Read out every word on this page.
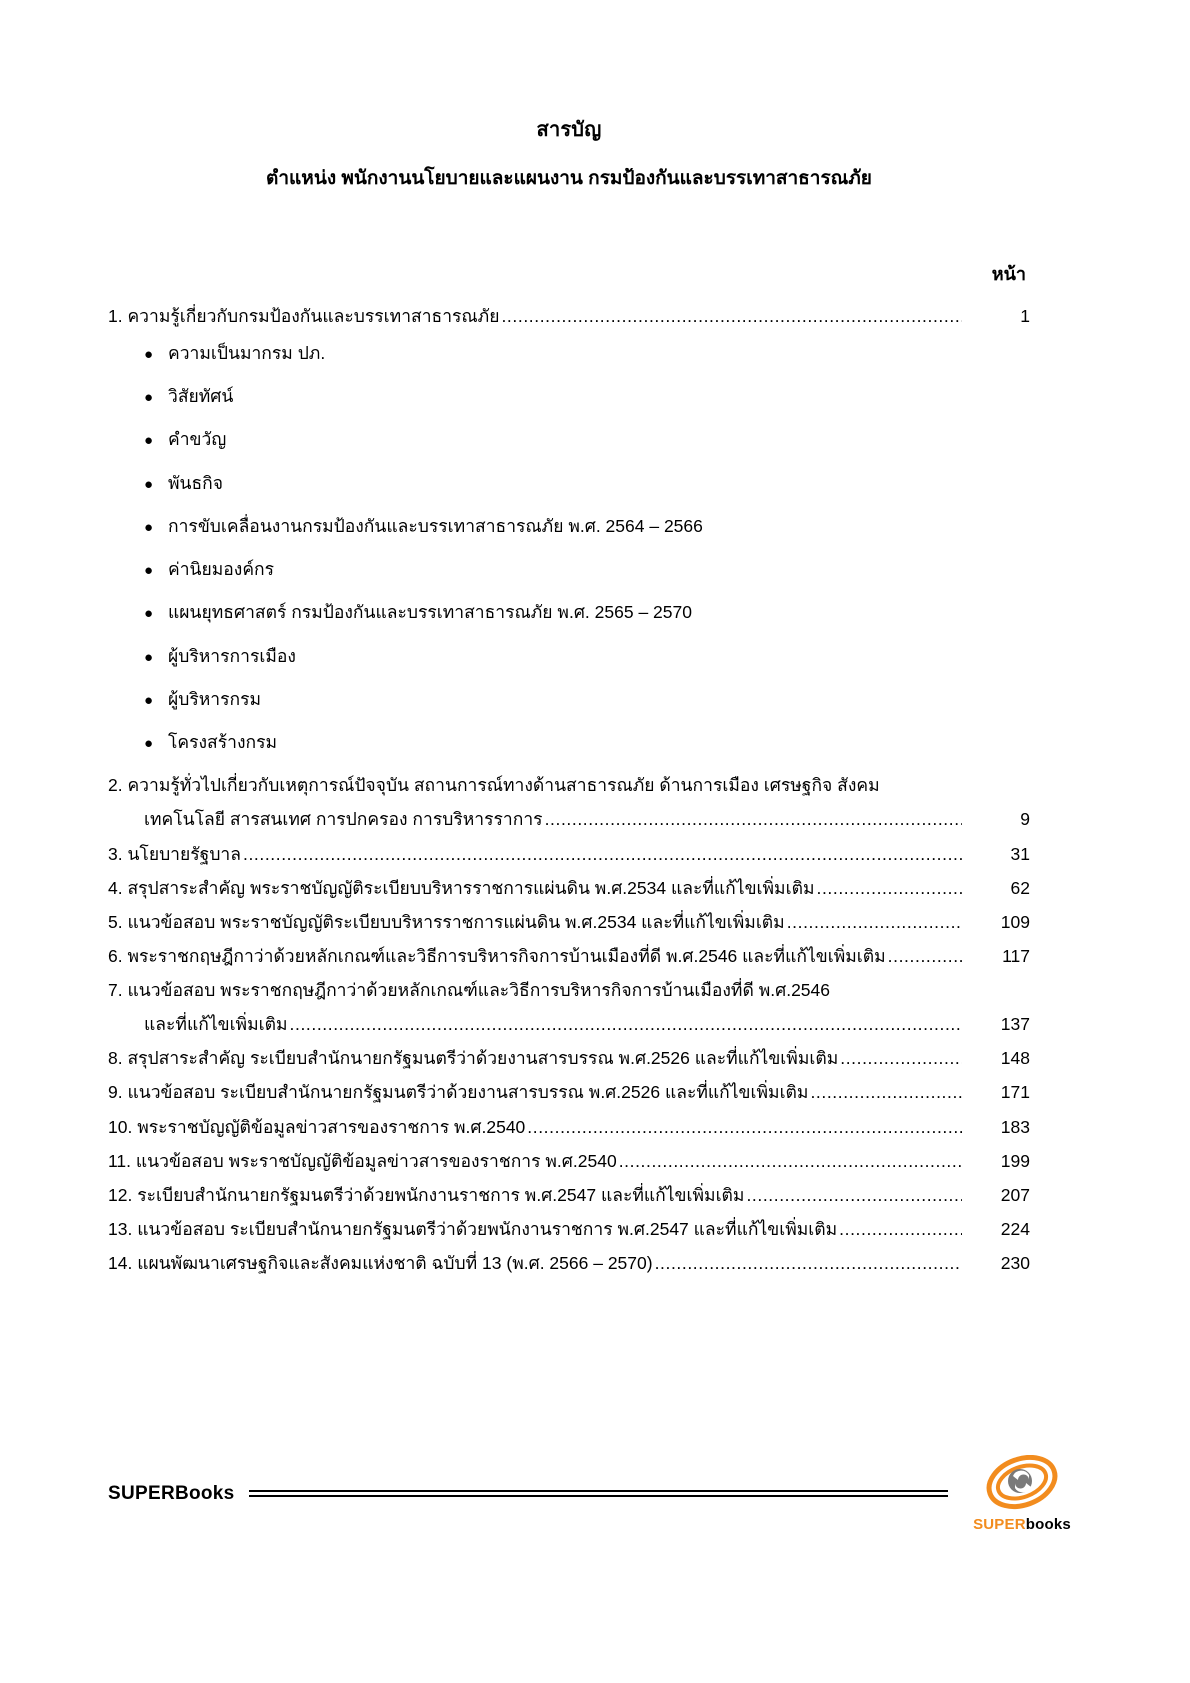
สารบัญ
ตำแหน่ง พนักงานนโยบายและแผนงาน กรมป้องกันและบรรเทาสาธารณภัย
หน้า
1. ความรู้เกี่ยวกับกรมป้องกันและบรรเทาสาธารณภัย .....	1
● ความเป็นมากรม ปภ.
● วิสัยทัศน์
● คำขวัญ
● พันธกิจ
● การขับเคลื่อนงานกรมป้องกันและบรรเทาสาธารณภัย พ.ศ. 2564 – 2566
● ค่านิยมองค์กร
● แผนยุทธศาสตร์ กรมป้องกันและบรรเทาสาธารณภัย พ.ศ. 2565 – 2570
● ผู้บริหารการเมือง
● ผู้บริหารกรม
● โครงสร้างกรม
2. ความรู้ทั่วไปเกี่ยวกับเหตุการณ์ปัจจุบัน สถานการณ์ทางด้านสาธารณภัย ด้านการเมือง เศรษฐกิจ สังคม
เทคโนโลยี สารสนเทศ การปกครอง การบริหารราการ .....	9
3. นโยบายรัฐบาล .....	31
4. สรุปสาระสำคัญ พระราชบัญญัติระเบียบบริหารราชการแผ่นดิน พ.ศ.2534 และที่แก้ไขเพิ่มเติม .....	62
5. แนวข้อสอบ พระราชบัญญัติระเบียบบริหารราชการแผ่นดิน พ.ศ.2534 และที่แก้ไขเพิ่มเติม .....	109
6. พระราชกฤษฎีกาว่าด้วยหลักเกณฑ์และวิธีการบริหารกิจการบ้านเมืองที่ดี พ.ศ.2546 และที่แก้ไขเพิ่มเติม .....	117
7. แนวข้อสอบ พระราชกฤษฎีกาว่าด้วยหลักเกณฑ์และวิธีการบริหารกิจการบ้านเมืองที่ดี พ.ศ.2546
และที่แก้ไขเพิ่มเติม .....	137
8. สรุปสาระสำคัญ ระเบียบสำนักนายกรัฐมนตรีว่าด้วยงานสารบรรณ พ.ศ.2526 และที่แก้ไขเพิ่มเติม .....	148
9. แนวข้อสอบ ระเบียบสำนักนายกรัฐมนตรีว่าด้วยงานสารบรรณ พ.ศ.2526 และที่แก้ไขเพิ่มเติม .....	171
10. พระราชบัญญัติข้อมูลข่าวสารของราชการ พ.ศ.2540 .....	183
11. แนวข้อสอบ พระราชบัญญัติข้อมูลข่าวสารของราชการ พ.ศ.2540 .....	199
12. ระเบียบสำนักนายกรัฐมนตรีว่าด้วยพนักงานราชการ พ.ศ.2547 และที่แก้ไขเพิ่มเติม .....	207
13. แนวข้อสอบ ระเบียบสำนักนายกรัฐมนตรีว่าด้วยพนักงานราชการ พ.ศ.2547 และที่แก้ไขเพิ่มเติม .....	224
14. แผนพัฒนาเศรษฐกิจและสังคมแห่งชาติ ฉบับที่ 13 (พ.ศ. 2566 – 2570) .....	230
SUPERBooks
SUPERbooks
